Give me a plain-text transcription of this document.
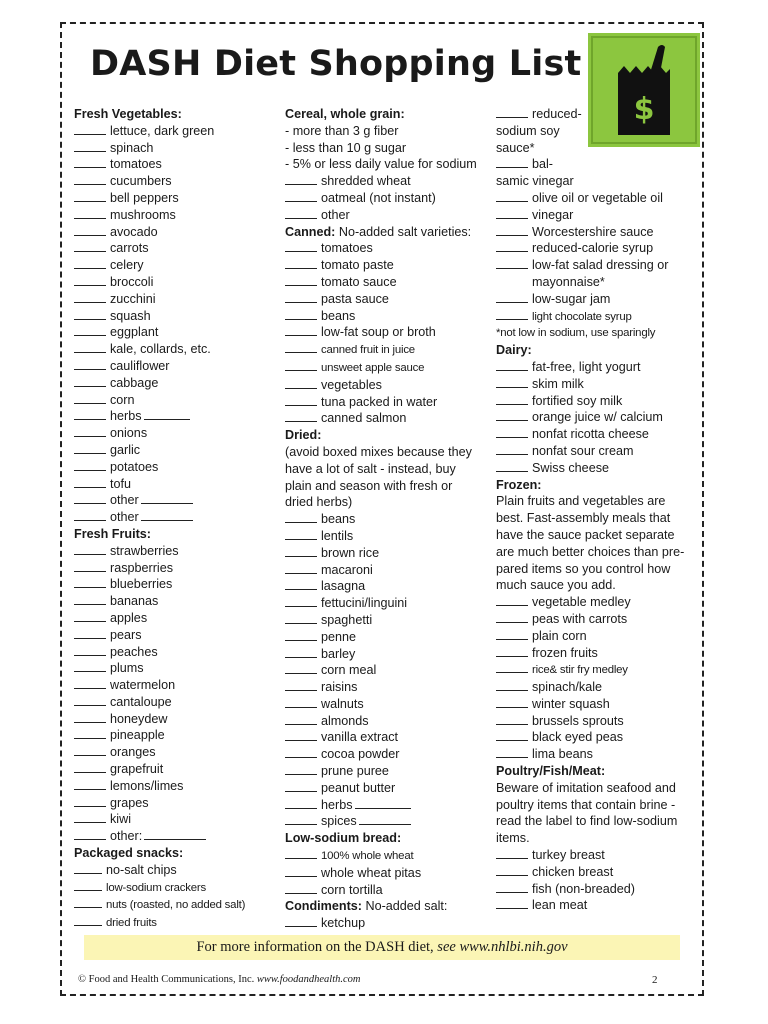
DASH Diet Shopping List
$
Fresh Vegetables:
lettuce, dark green
spinach
tomatoes
cucumbers
bell peppers
mushrooms
avocado
carrots
celery
broccoli
zucchini
squash
eggplant
kale, collards, etc.
cauliflower
cabbage
corn
herbs
onions
garlic
potatoes
tofu
other
other
Fresh Fruits:
strawberries
raspberries
blueberries
bananas
apples
pears
peaches
plums
watermelon
cantaloupe
honeydew
pineapple
oranges
grapefruit
lemons/limes
grapes
kiwi
other:
Packaged snacks:
no-salt chips
low-sodium crackers
nuts (roasted, no added salt)
dried fruits
Cereal, whole grain:
- more than 3 g fiber
- less than 10 g sugar
- 5% or less daily value for sodium
shredded wheat
oatmeal (not instant)
other
Canned: No-added salt varieties:
tomatoes
tomato paste
tomato sauce
pasta sauce
beans
low-fat soup or broth
canned fruit in juice
unsweet apple sauce
vegetables
tuna packed in water
canned salmon
Dried:
(avoid boxed mixes because they
have a lot of salt - instead, buy
plain and season with fresh or
dried herbs)
beans
lentils
brown rice
macaroni
lasagna
fettucini/linguini
spaghetti
penne
barley
corn meal
raisins
walnuts
almonds
vanilla extract
cocoa powder
prune puree
peanut butter
herbs
spices
Low-sodium bread:
100% whole wheat
whole wheat pitas
corn tortilla
Condiments: No-added salt:
ketchup
reduced-
sodium soy
sauce*
bal-
samic vinegar
olive oil or vegetable oil
vinegar
Worcestershire sauce
reduced-calorie syrup
low-fat salad dressing or
mayonnaise*
low-sugar jam
light chocolate syrup
*not low in sodium, use sparingly
Dairy:
fat-free, light yogurt
skim milk
fortified soy milk
orange juice w/ calcium
nonfat ricotta cheese
nonfat sour cream
Swiss cheese
Frozen:
Plain fruits and vegetables are
best. Fast-assembly meals that
have the sauce packet separate
are much better choices than pre-
pared items so you control how
much sauce you add.
vegetable medley
peas with carrots
plain corn
frozen fruits
rice& stir fry medley
spinach/kale
winter squash
brussels sprouts
black eyed peas
lima beans
Poultry/Fish/Meat:
Beware of imitation seafood and
poultry items that contain brine -
read the label to find low-sodium
items.
turkey breast
chicken breast
fish (non-breaded)
lean meat
For more information on the DASH diet, see www.nhlbi.nih.gov
© Food and Health Communications, Inc. www.foodandhealth.com	2
